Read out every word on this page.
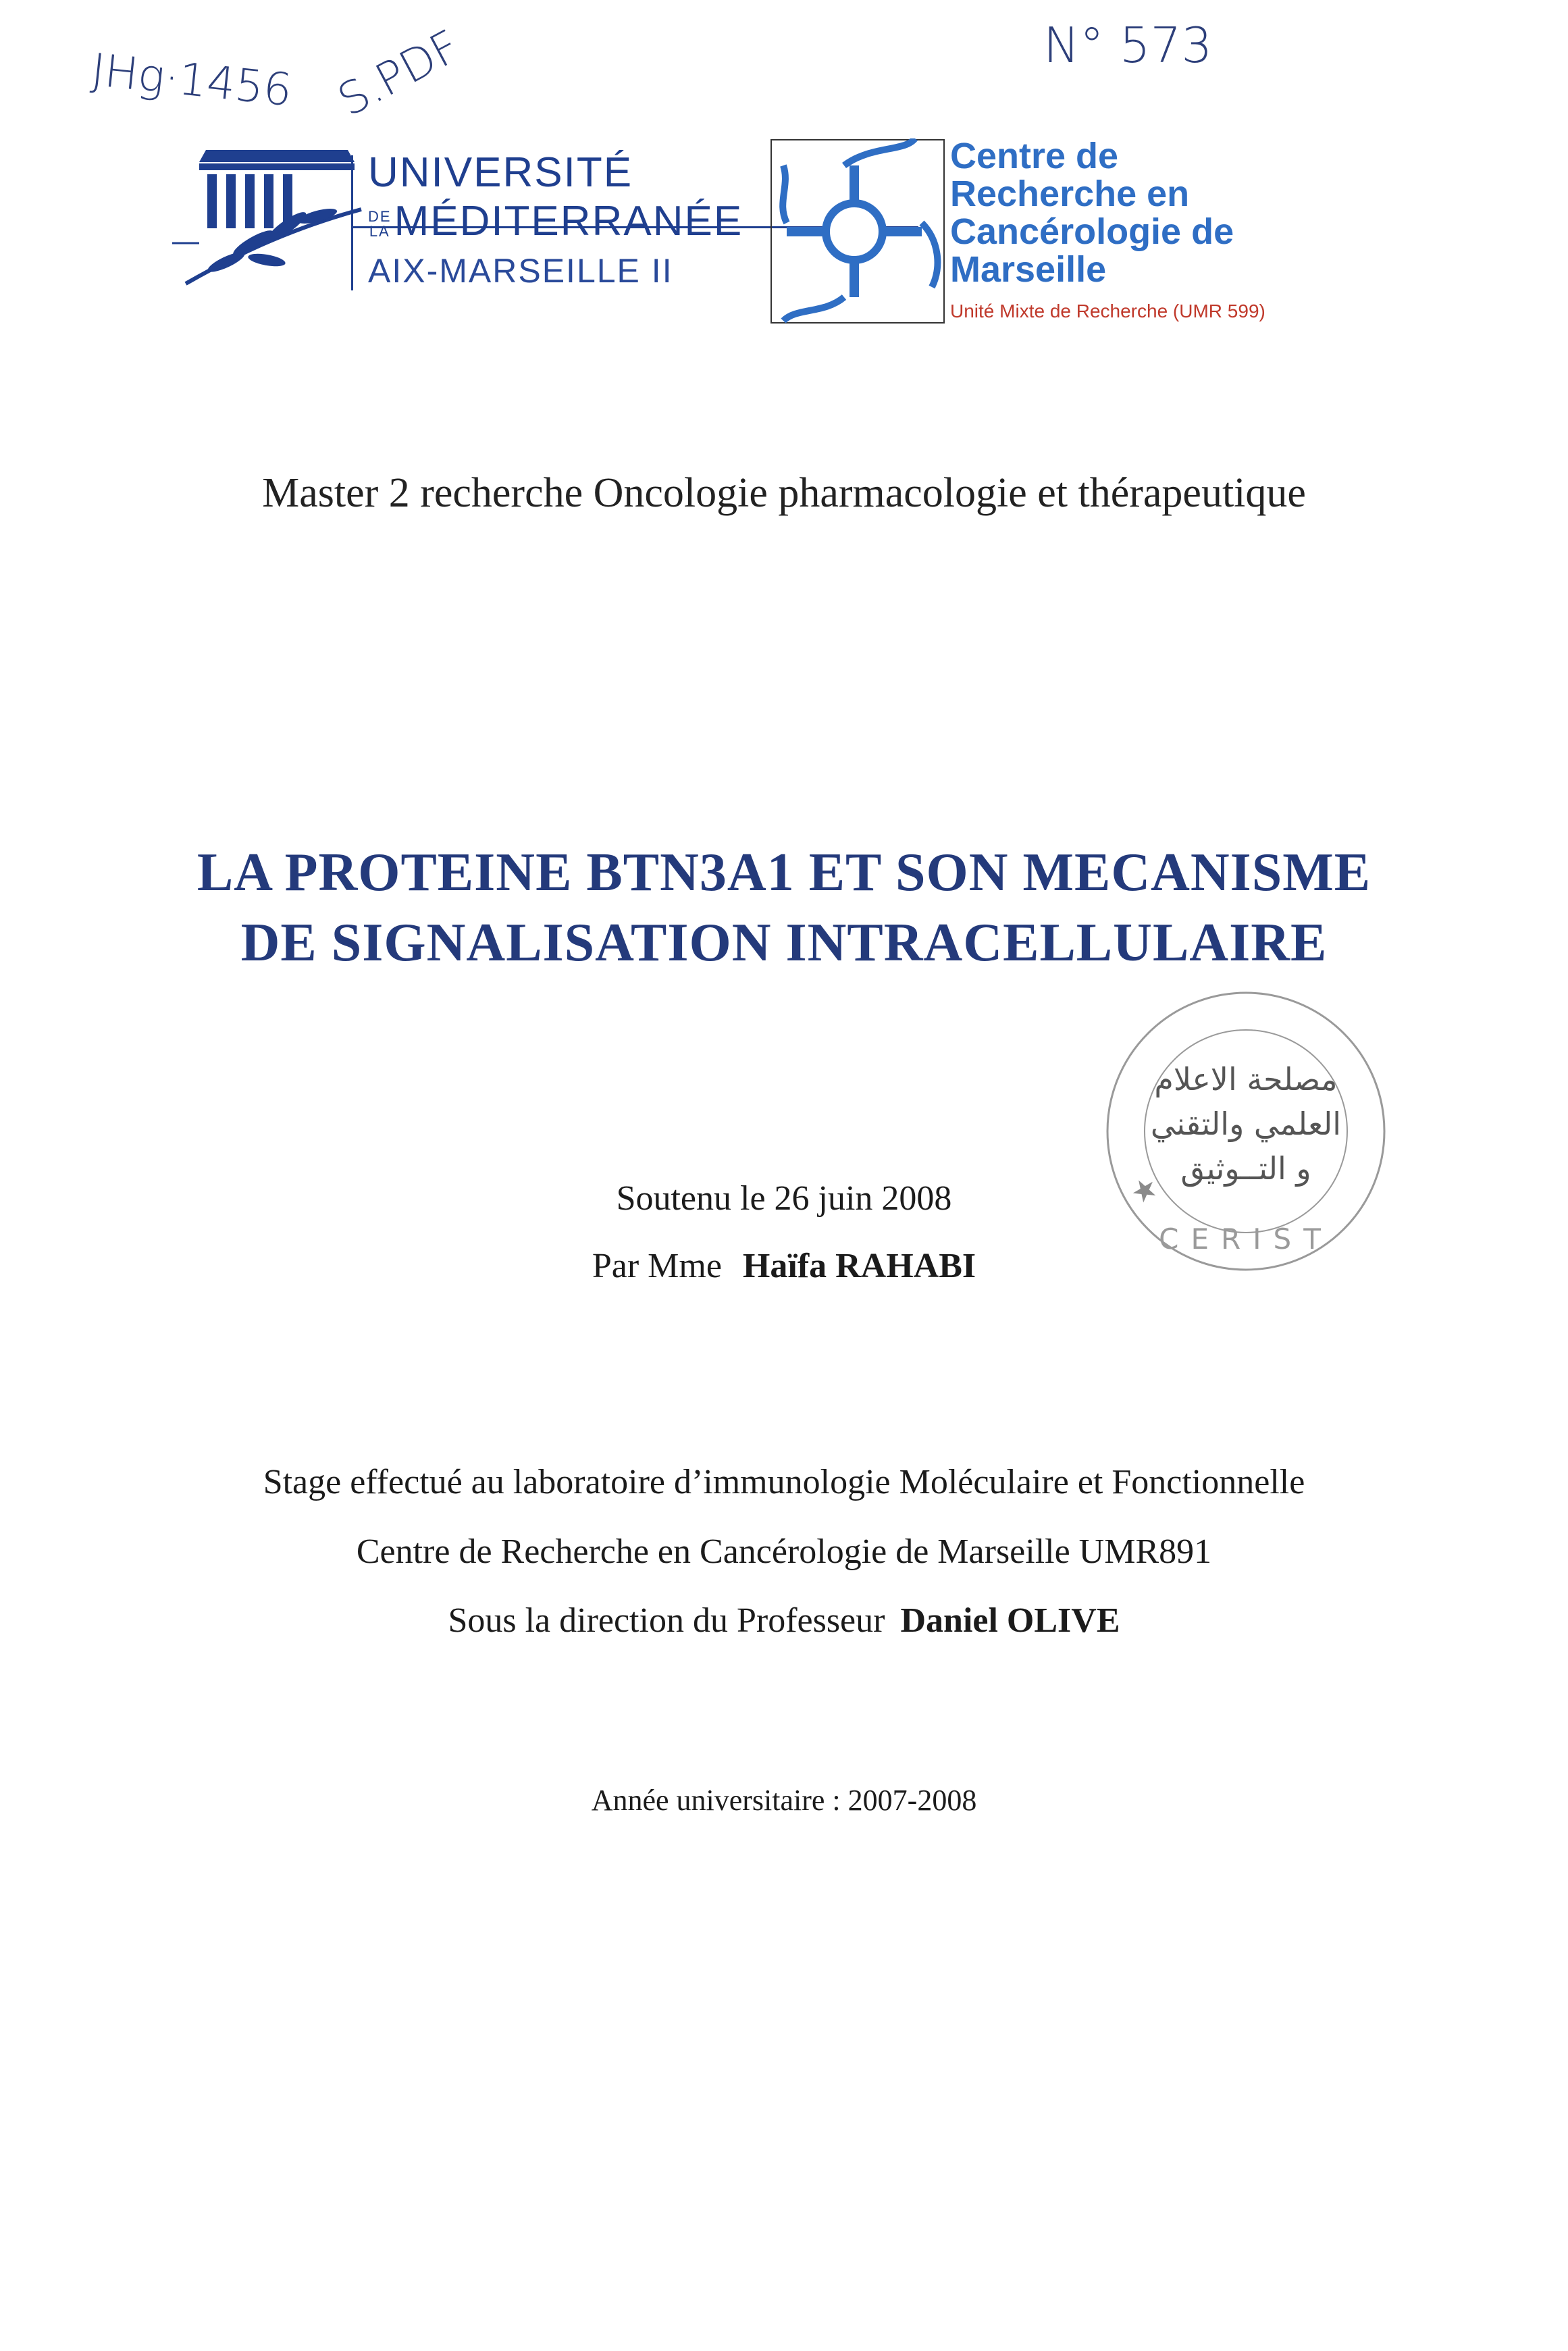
JHg·1456 S.PDF	N° 573
UNIVERSITÉ
DE
LAMÉDITERRANÉE
AIX-MARSEILLE II
Centre de
Recherche en
Cancérologie de
Marseille
Unité Mixte de Recherche (UMR 599)
Master 2 recherche Oncologie pharmacologie et thérapeutique
LA PROTEINE BTN3A1 ET SON MECANISME
DE SIGNALISATION INTRACELLULAIRE
★
مصلحة الاعلام
العلمي والتقني
و التــوثيق
CERIST
Soutenu le 26 juin 2008
Par Mme Haïfa RAHABI
Stage effectué au laboratoire d’immunologie Moléculaire et Fonctionnelle
Centre de Recherche en Cancérologie de Marseille UMR891
Sous la direction du Professeur Daniel OLIVE
Année universitaire : 2007-2008
